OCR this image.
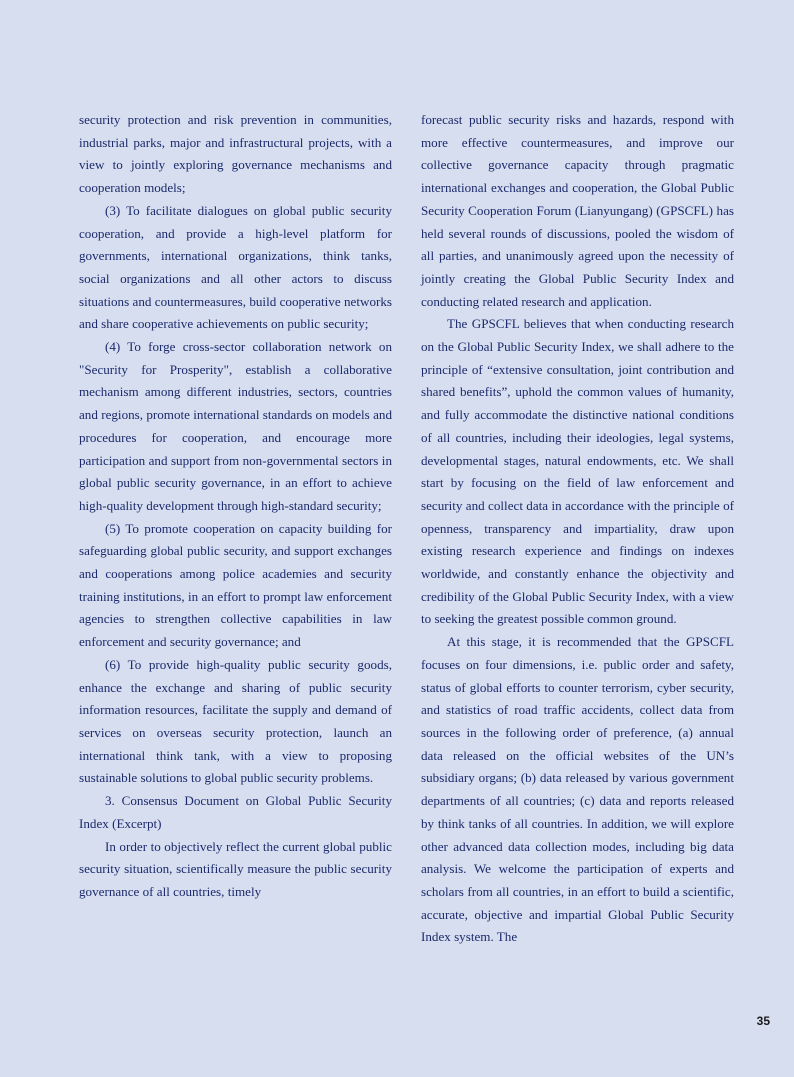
security protection and risk prevention in communities, industrial parks, major and infrastructural projects, with a view to jointly exploring governance mechanisms and cooperation models;

(3) To facilitate dialogues on global public security cooperation, and provide a high-level platform for governments, international organizations, think tanks, social organizations and all other actors to discuss situations and countermeasures, build cooperative networks and share cooperative achievements on public security;

(4) To forge cross-sector collaboration network on "Security for Prosperity", establish a collaborative mechanism among different industries, sectors, countries and regions, promote international standards on models and procedures for cooperation, and encourage more participation and support from non-governmental sectors in global public security governance, in an effort to achieve high-quality development through high-standard security;

(5) To promote cooperation on capacity building for safeguarding global public security, and support exchanges and cooperations among police academies and security training institutions, in an effort to prompt law enforcement agencies to strengthen collective capabilities in law enforcement and security governance; and

(6) To provide high-quality public security goods, enhance the exchange and sharing of public security information resources, facilitate the supply and demand of services on overseas security protection, launch an international think tank, with a view to proposing sustainable solutions to global public security problems.

3. Consensus Document on Global Public Security Index (Excerpt)

In order to objectively reflect the current global public security situation, scientifically measure the public security governance of all countries, timely

forecast public security risks and hazards, respond with more effective countermeasures, and improve our collective governance capacity through pragmatic international exchanges and cooperation, the Global Public Security Cooperation Forum (Lianyungang) (GPSCFL) has held several rounds of discussions, pooled the wisdom of all parties, and unanimously agreed upon the necessity of jointly creating the Global Public Security Index and conducting related research and application.

The GPSCFL believes that when conducting research on the Global Public Security Index, we shall adhere to the principle of “extensive consultation, joint contribution and shared benefits”, uphold the common values of humanity, and fully accommodate the distinctive national conditions of all countries, including their ideologies, legal systems, developmental stages, natural endowments, etc. We shall start by focusing on the field of law enforcement and security and collect data in accordance with the principle of openness, transparency and impartiality, draw upon existing research experience and findings on indexes worldwide, and constantly enhance the objectivity and credibility of the Global Public Security Index, with a view to seeking the greatest possible common ground.

At this stage, it is recommended that the GPSCFL focuses on four dimensions, i.e. public order and safety, status of global efforts to counter terrorism, cyber security, and statistics of road traffic accidents, collect data from sources in the following order of preference, (a) annual data released on the official websites of the UN’s subsidiary organs; (b) data released by various government departments of all countries; (c) data and reports released by think tanks of all countries. In addition, we will explore other advanced data collection modes, including big data analysis. We welcome the participation of experts and scholars from all countries, in an effort to build a scientific, accurate, objective and impartial Global Public Security Index system. The

35
